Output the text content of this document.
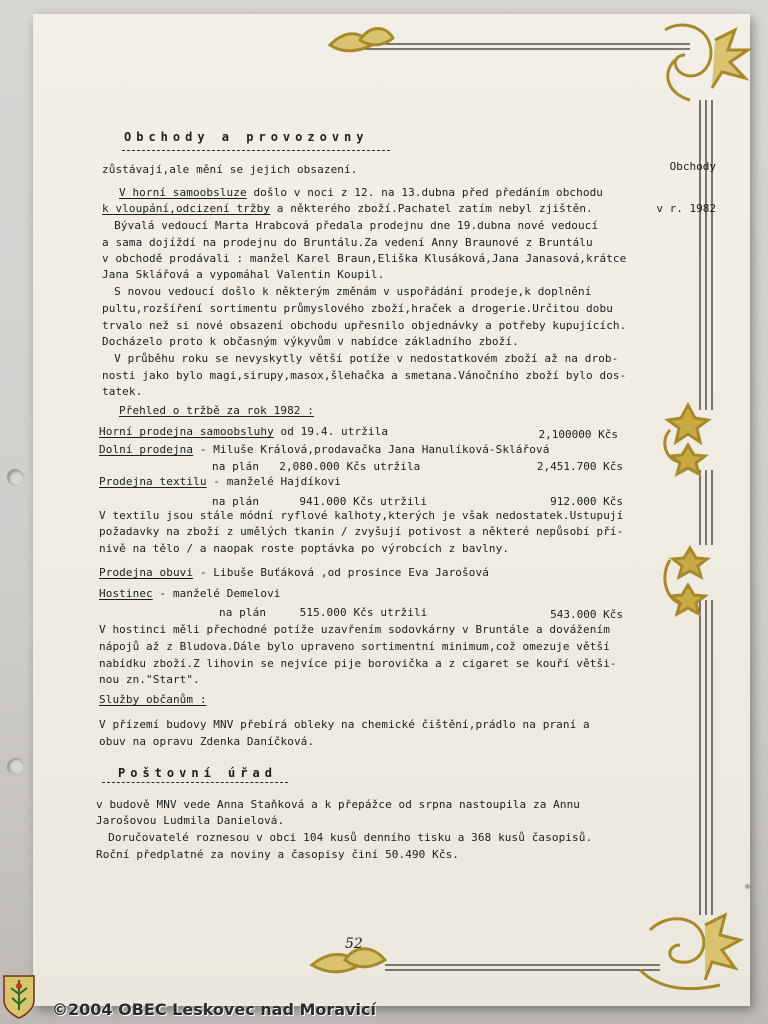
Obchody a provozovny

Obchody

v r. 1982

zůstávají,ale mění se jejich obsazení.
V horní samoobsluze došlo v noci z 12. na 13.dubna před předáním obchodu
k vloupání,odcizení tržby a některého zboží.Pachatel zatím nebyl zjištěn.
Bývalá vedoucí Marta Hrabcová předala prodejnu dne 19.dubna nové vedoucí
a sama dojíždí na prodejnu do Bruntálu.Za vedení Anny Braunové z Bruntálu
v obchodě prodávali : manžel Karel Braun,Eliška Klusáková,Jana Janasová,krátce
Jana Sklářová a vypomáhal Valentin Koupil.
S novou vedoucí došlo k některým změnám v uspořádání prodeje,k doplnění
pultu,rozšíření sortimentu průmyslového zboží,hraček a drogerie.Určitou dobu
trvalo než si nové obsazení obchodu upřesnilo objednávky a potřeby kupujících.
Docházelo proto k občasným výkyvům v nabídce základního zboží.
V průběhu roku se nevyskytly větší potíže v nedostatkovém zboží až na drob-
nosti jako bylo magi,sirupy,masox,šlehačka a smetana.Vánočního zboží bylo dos-
tatek.
Přehled o tržbě za rok 1982 :
Horní prodejna samoobsluhy od 19.4. utržila	2,100000 Kčs
Dolní prodejna - Miluše Králová,prodavačka Jana Hanulíková-Sklářová
na plán   2,080.000 Kčs utržila	2,451.700 Kčs
Prodejna textilu - manželé Hajdíkovi
na plán      941.000 Kčs utržili	912.000 Kčs
V textilu jsou stále módní ryflové kalhoty,kterých je však nedostatek.Ustupují
požadavky na zboží z umělých tkanin / zvyšují potivost a některé nepůsobí pří-
nivě na tělo / a naopak roste poptávka po výrobcích z bavlny.
Prodejna obuvi - Libuše Buťáková ,od prosince Eva Jarošová
Hostinec - manželé Demelovi
na plán     515.000 Kčs utržili	543.000 Kčs
V hostinci měli přechodné potíže uzavřením sodovkárny v Bruntále a dovážením
nápojů až z Bludova.Dále bylo upraveno sortimentní minimum,což omezuje větší
nabídku zboží.Z lihovin se nejvíce pije borovička a z cigaret se kouří větši-
nou zn."Start".
Služby občanům :
V přízemí budovy MNV přebírá obleky na chemické čištění,prádlo na praní a
obuv na opravu Zdenka Daníčková.
Poštovní úřad
v budově MNV vede Anna Staňková a k přepážce od srpna nastoupila za Annu
Jarošovou Ludmila Danielová.
Doručovatelé roznesou v obci 104 kusů denního tisku a 368 kusů časopisů.
Roční předplatné za noviny a časopisy činí 50.490 Kčs.
52
©2004 OBEC Leskovec nad Moravicí
